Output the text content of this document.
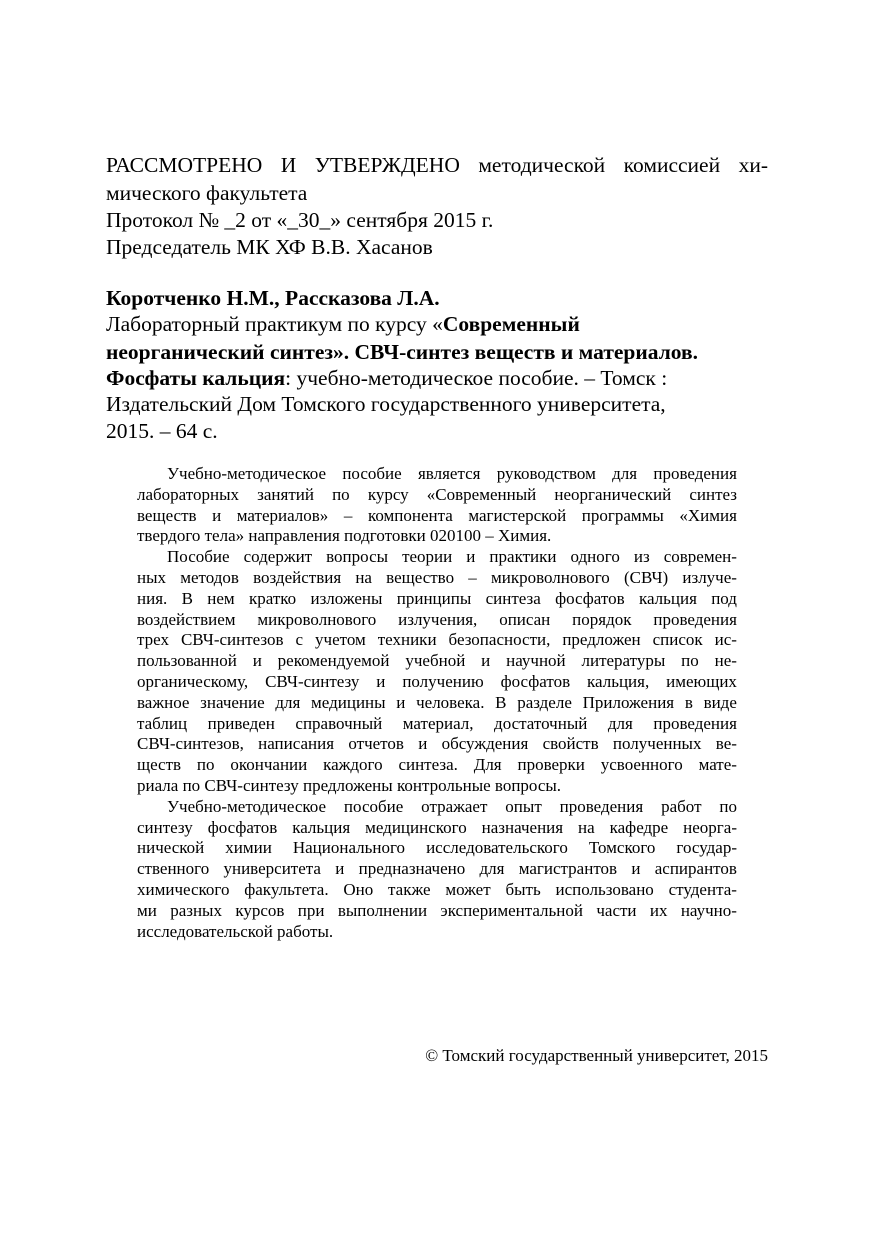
РАССМОТРЕНО И УТВЕРЖДЕНО методической комиссией хи-
мического факультета
Протокол № _2 от «_30_» сентября 2015 г.
Председатель МК ХФ В.В. Хасанов
Коротченко Н.М., Рассказова Л.А.
Лабораторный практикум по курсу «Современный
неорганический синтез». СВЧ-синтез веществ и материалов.
Фосфаты кальция: учебно-методическое пособие. – Томск :
Издательский Дом Томского государственного университета,
2015. – 64 с.
Учебно-методическое пособие является руководством для проведения
лабораторных занятий по курсу «Современный неорганический синтез
веществ и материалов» – компонента магистерской программы «Химия
твердого тела» направления подготовки 020100 – Химия.
Пособие содержит вопросы теории и практики одного из современ-
ных методов воздействия на вещество – микроволнового (СВЧ) излуче-
ния. В нем кратко изложены принципы синтеза фосфатов кальция под
воздействием микроволнового излучения, описан порядок проведения
трех СВЧ-синтезов с учетом техники безопасности, предложен список ис-
пользованной и рекомендуемой учебной и научной литературы по не-
органическому, СВЧ-синтезу и получению фосфатов кальция, имеющих
важное значение для медицины и человека. В разделе Приложения в виде
таблиц приведен справочный материал, достаточный для проведения
СВЧ-синтезов, написания отчетов и обсуждения свойств полученных ве-
ществ по окончании каждого синтеза. Для проверки усвоенного мате-
риала по СВЧ-синтезу предложены контрольные вопросы.
Учебно-методическое пособие отражает опыт проведения работ по
синтезу фосфатов кальция медицинского назначения на кафедре неорга-
нической химии Национального исследовательского Томского государ-
ственного университета и предназначено для магистрантов и аспирантов
химического факультета. Оно также может быть использовано студента-
ми разных курсов при выполнении экспериментальной части их научно-
исследовательской работы.
© Томский государственный университет, 2015
